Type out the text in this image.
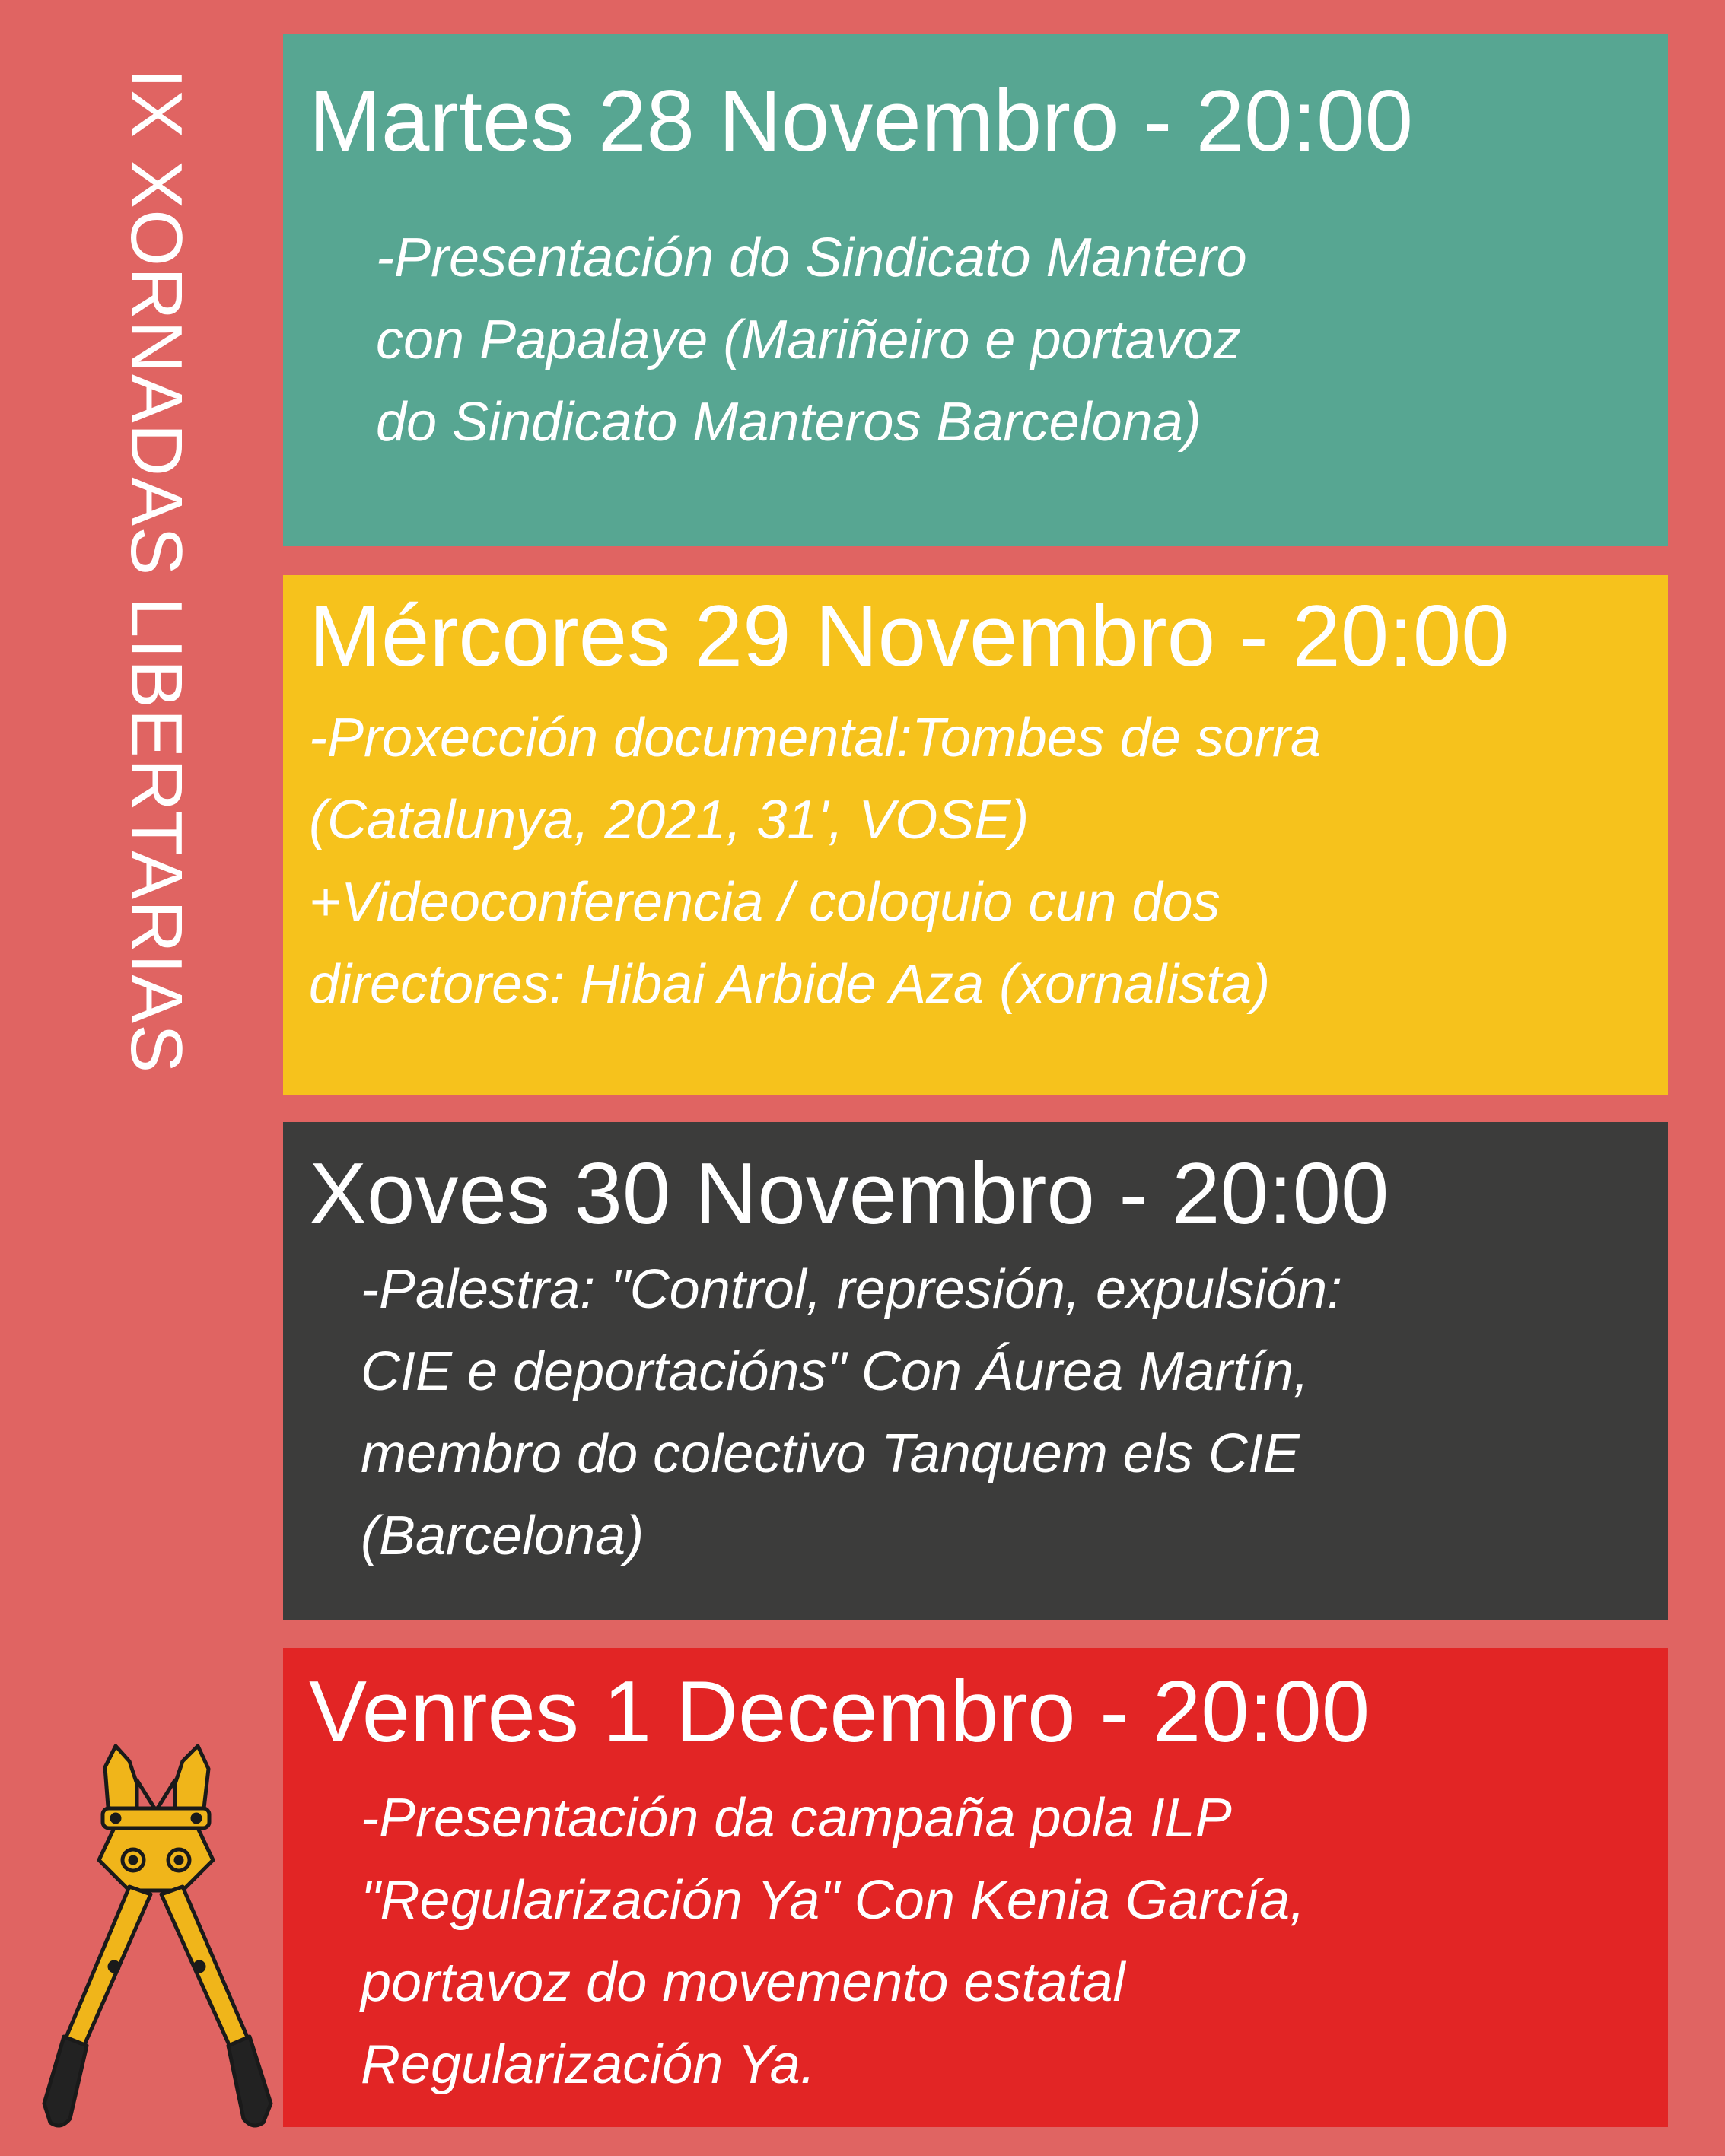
IX XORNADAS LIBERTARIAS Martes 28 Novembro - 20:00
-Presentación do Sindicato Mantero
con Papalaye (Mariñeiro e portavoz
do Sindicato Manteros Barcelona)
Mércores 29 Novembro - 20:00
-Proxección documental:Tombes de sorra
(Catalunya, 2021, 31', VOSE)
+Videoconferencia / coloquio cun dos
directores: Hibai Arbide Aza (xornalista)
Xoves 30 Novembro - 20:00
-Palestra: "Control, represión, expulsión:
CIE e deportacións" Con Áurea Martín,
membro do colectivo Tanquem els CIE
(Barcelona)
Venres 1 Decembro - 20:00
-Presentación da campaña pola ILP
"Regularización Ya" Con Kenia García,
portavoz do movemento estatal
Regularización Ya.
